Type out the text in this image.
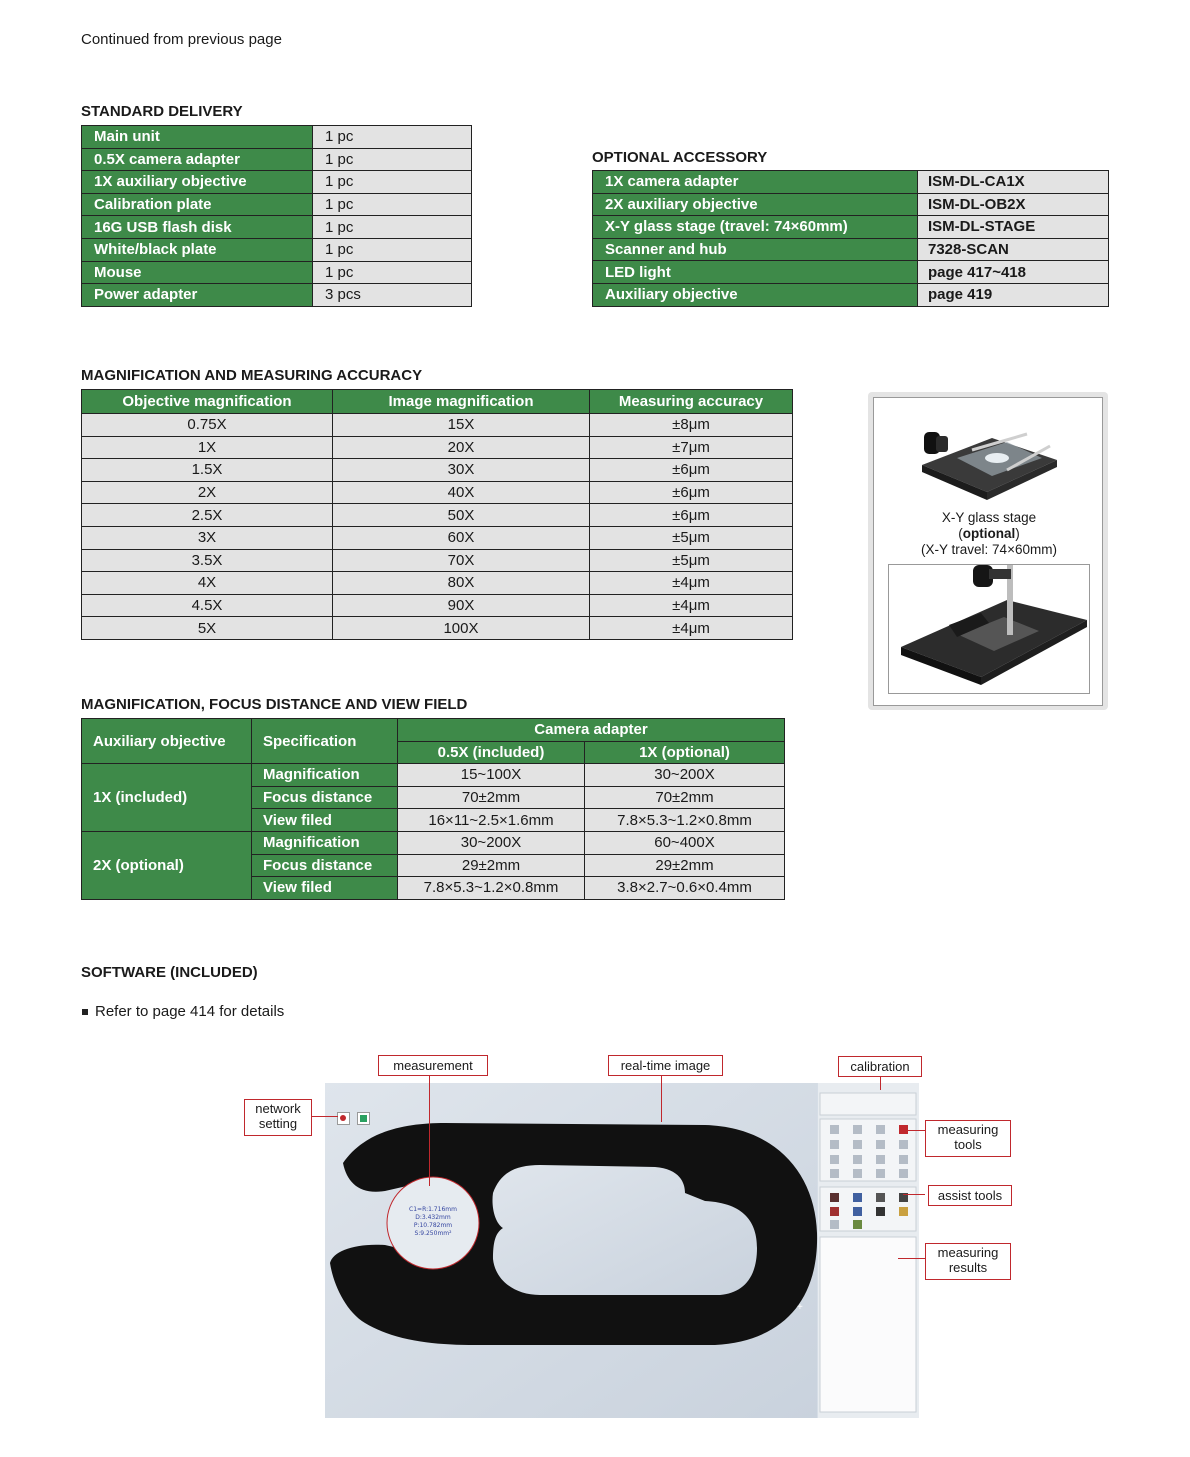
Continued from previous page
STANDARD DELIVERY
Main unit	1 pc
0.5X camera adapter	1 pc
1X auxiliary objective	1 pc
Calibration plate	1 pc
16G USB flash disk	1 pc
White/black plate	1 pc
Mouse	1 pc
Power adapter	3 pcs
OPTIONAL ACCESSORY
1X camera adapter	ISM-DL-CA1X
2X auxiliary objective	ISM-DL-OB2X
X-Y glass stage (travel: 74×60mm)	ISM-DL-STAGE
Scanner and hub	7328-SCAN
LED light	page 417~418
Auxiliary objective	page 419
MAGNIFICATION AND MEASURING ACCURACY
Objective magnification	Image magnification	Measuring accuracy
0.75X	15X	±8μm
1X	20X	±7μm
1.5X	30X	±6μm
2X	40X	±6μm
2.5X	50X	±6μm
3X	60X	±5μm
3.5X	70X	±5μm
4X	80X	±4μm
4.5X	90X	±4μm
5X	100X	±4μm
X-Y glass stage
(optional)
(X-Y travel: 74×60mm)
MAGNIFICATION, FOCUS DISTANCE AND VIEW FIELD
Auxiliary objective	Specification	Camera adapter	
		0.5X (included)	1X (optional)
1X (included)	Magnification	15~100X	30~200X
	Focus distance	70±2mm	70±2mm
	View filed	16×11~2.5×1.6mm	7.8×5.3~1.2×0.8mm
2X (optional)	Magnification	30~200X	60~400X
	Focus distance	29±2mm	29±2mm
	View filed	7.8×5.3~1.2×0.8mm	3.8×2.7~0.6×0.4mm
SOFTWARE (INCLUDED)
Refer to page 414 for details
C1=R:1.716mm
D:3.432mm
P:10.782mm
S:9.250mm²
+
measurement	real-time image	calibration
network
setting	measuring
tools
assist tools
measuring
results
